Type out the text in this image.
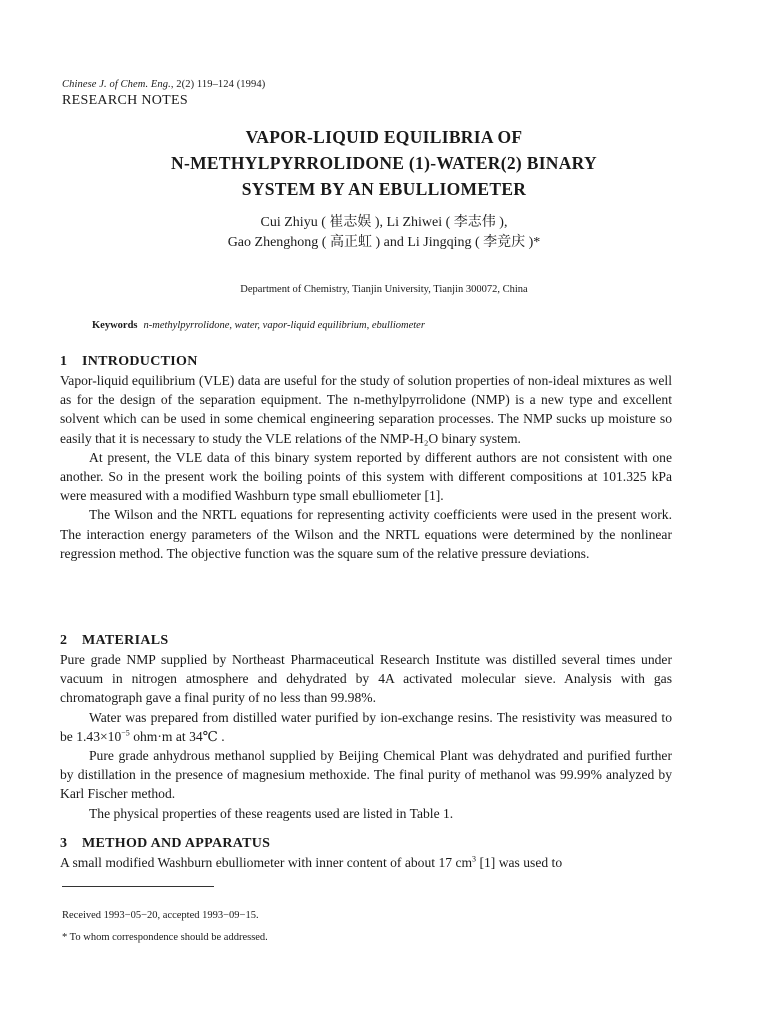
Chinese J. of Chem. Eng., 2(2) 119–124 (1994)
RESEARCH NOTES
VAPOR-LIQUID EQUILIBRIA OF
N-METHYLPYRROLIDONE (1)-WATER(2) BINARY
SYSTEM BY AN EBULLIOMETER
Cui Zhiyu ( 崔志娱 ), Li Zhiwei ( 李志伟 ),
Gao Zhenghong ( 高正虹 ) and Li Jingqing ( 李竞庆 )*
Department of Chemistry, Tianjin University, Tianjin 300072, China
Keywords n-methylpyrrolidone, water, vapor-liquid equilibrium, ebulliometer
1 INTRODUCTION

Vapor-liquid equilibrium (VLE) data are useful for the study of solution properties of non-ideal mixtures as well as for the design of the separation equipment. The n-methylpyrrolidone (NMP) is a new type and excellent solvent which can be used in some chemical engineering separation processes. The NMP sucks up moisture so easily that it is necessary to study the VLE relations of the NMP-H₂O binary system.

At present, the VLE data of this binary system reported by different authors are not consistent with one another. So in the present work the boiling points of this system with different compositions at 101.325 kPa were measured with a modified Washburn type small ebulliometer [1].

The Wilson and the NRTL equations for representing activity coefficients were used in the present work. The interaction energy parameters of the Wilson and the NRTL equations were determined by the nonlinear regression method. The objective function was the square sum of the relative pressure deviations.

2 MATERIALS

Pure grade NMP supplied by Northeast Pharmaceutical Research Institute was distilled several times under vacuum in nitrogen atmosphere and dehydrated by 4A activated molecular sieve. Analysis with gas chromatograph gave a final purity of no less than 99.98%.

Water was prepared from distilled water purified by ion-exchange resins. The resistivity was measured to be $1.43\times 10^{-5}$ ohm·m at 34℃ .

Pure grade anhydrous methanol supplied by Beijing Chemical Plant was dehydrated and purified further by distillation in the presence of magnesium methoxide. The final purity of methanol was 99.99% analyzed by Karl Fischer method.

The physical properties of these reagents used are listed in Table 1.

3 METHOD AND APPARATUS

A small modified Washburn ebulliometer with inner content of about 17 $cm^3$ [1] was used to

Received 1993−05−20, accepted 1993−09−15.
* To whom correspondence should be addressed.
